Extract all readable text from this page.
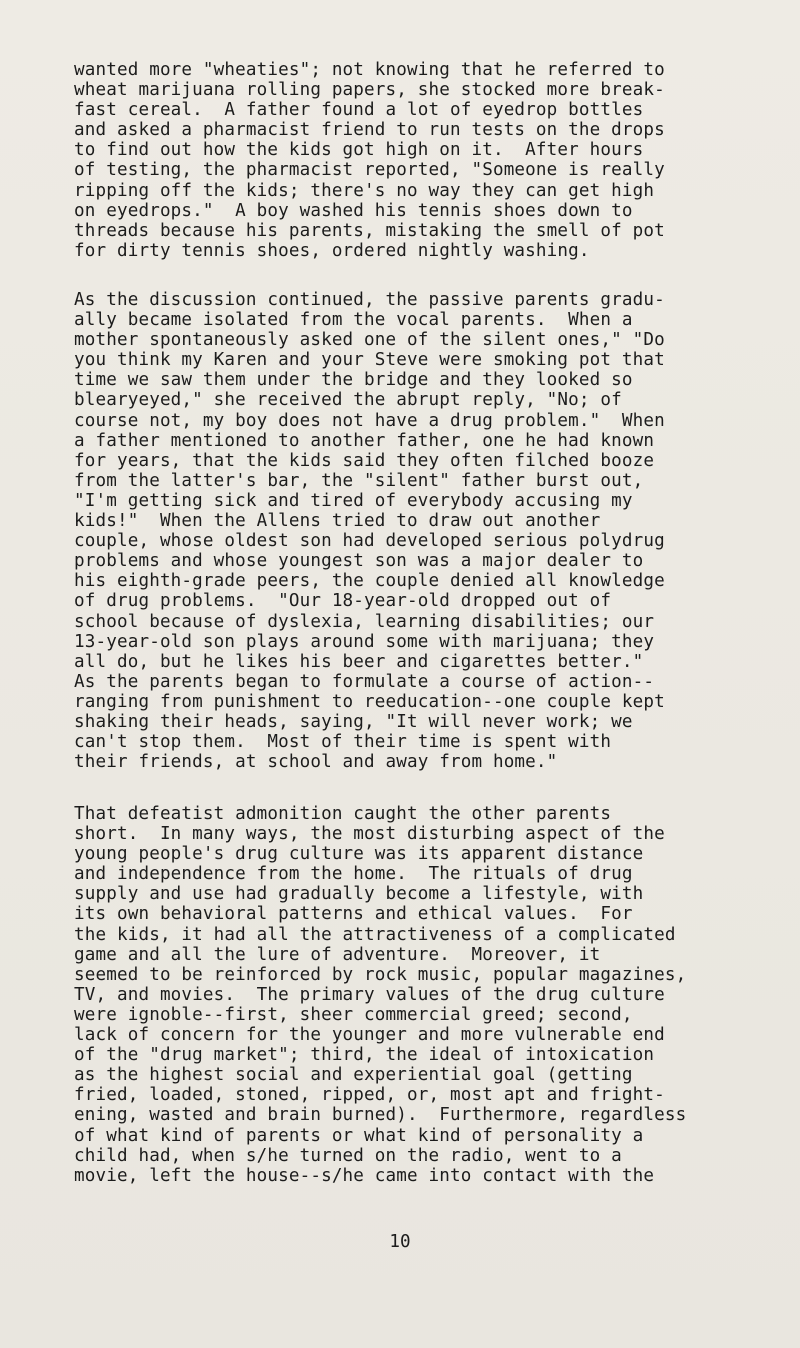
wanted more "wheaties"; not knowing that he referred to
wheat marijuana rolling papers, she stocked more break-
fast cereal.  A father found a lot of eyedrop bottles
and asked a pharmacist friend to run tests on the drops
to find out how the kids got high on it.  After hours
of testing, the pharmacist reported, "Someone is really
ripping off the kids; there's no way they can get high
on eyedrops."  A boy washed his tennis shoes down to
threads because his parents, mistaking the smell of pot
for dirty tennis shoes, ordered nightly washing.
As the discussion continued, the passive parents gradu-
ally became isolated from the vocal parents.  When a
mother spontaneously asked one of the silent ones," "Do
you think my Karen and your Steve were smoking pot that
time we saw them under the bridge and they looked so
blearyeyed," she received the abrupt reply, "No; of
course not, my boy does not have a drug problem."  When
a father mentioned to another father, one he had known
for years, that the kids said they often filched booze
from the latter's bar, the "silent" father burst out,
"I'm getting sick and tired of everybody accusing my
kids!"  When the Allens tried to draw out another
couple, whose oldest son had developed serious polydrug
problems and whose youngest son was a major dealer to
his eighth-grade peers, the couple denied all knowledge
of drug problems.  "Our 18-year-old dropped out of
school because of dyslexia, learning disabilities; our
13-year-old son plays around some with marijuana; they
all do, but he likes his beer and cigarettes better."
As the parents began to formulate a course of action--
ranging from punishment to reeducation--one couple kept
shaking their heads, saying, "It will never work; we
can't stop them.  Most of their time is spent with
their friends, at school and away from home."
That defeatist admonition caught the other parents
short.  In many ways, the most disturbing aspect of the
young people's drug culture was its apparent distance
and independence from the home.  The rituals of drug
supply and use had gradually become a lifestyle, with
its own behavioral patterns and ethical values.  For
the kids, it had all the attractiveness of a complicated
game and all the lure of adventure.  Moreover, it
seemed to be reinforced by rock music, popular magazines,
TV, and movies.  The primary values of the drug culture
were ignoble--first, sheer commercial greed; second,
lack of concern for the younger and more vulnerable end
of the "drug market"; third, the ideal of intoxication
as the highest social and experiential goal (getting
fried, loaded, stoned, ripped, or, most apt and fright-
ening, wasted and brain burned).  Furthermore, regardless
of what kind of parents or what kind of personality a
child had, when s/he turned on the radio, went to a
movie, left the house--s/he came into contact with the
10
